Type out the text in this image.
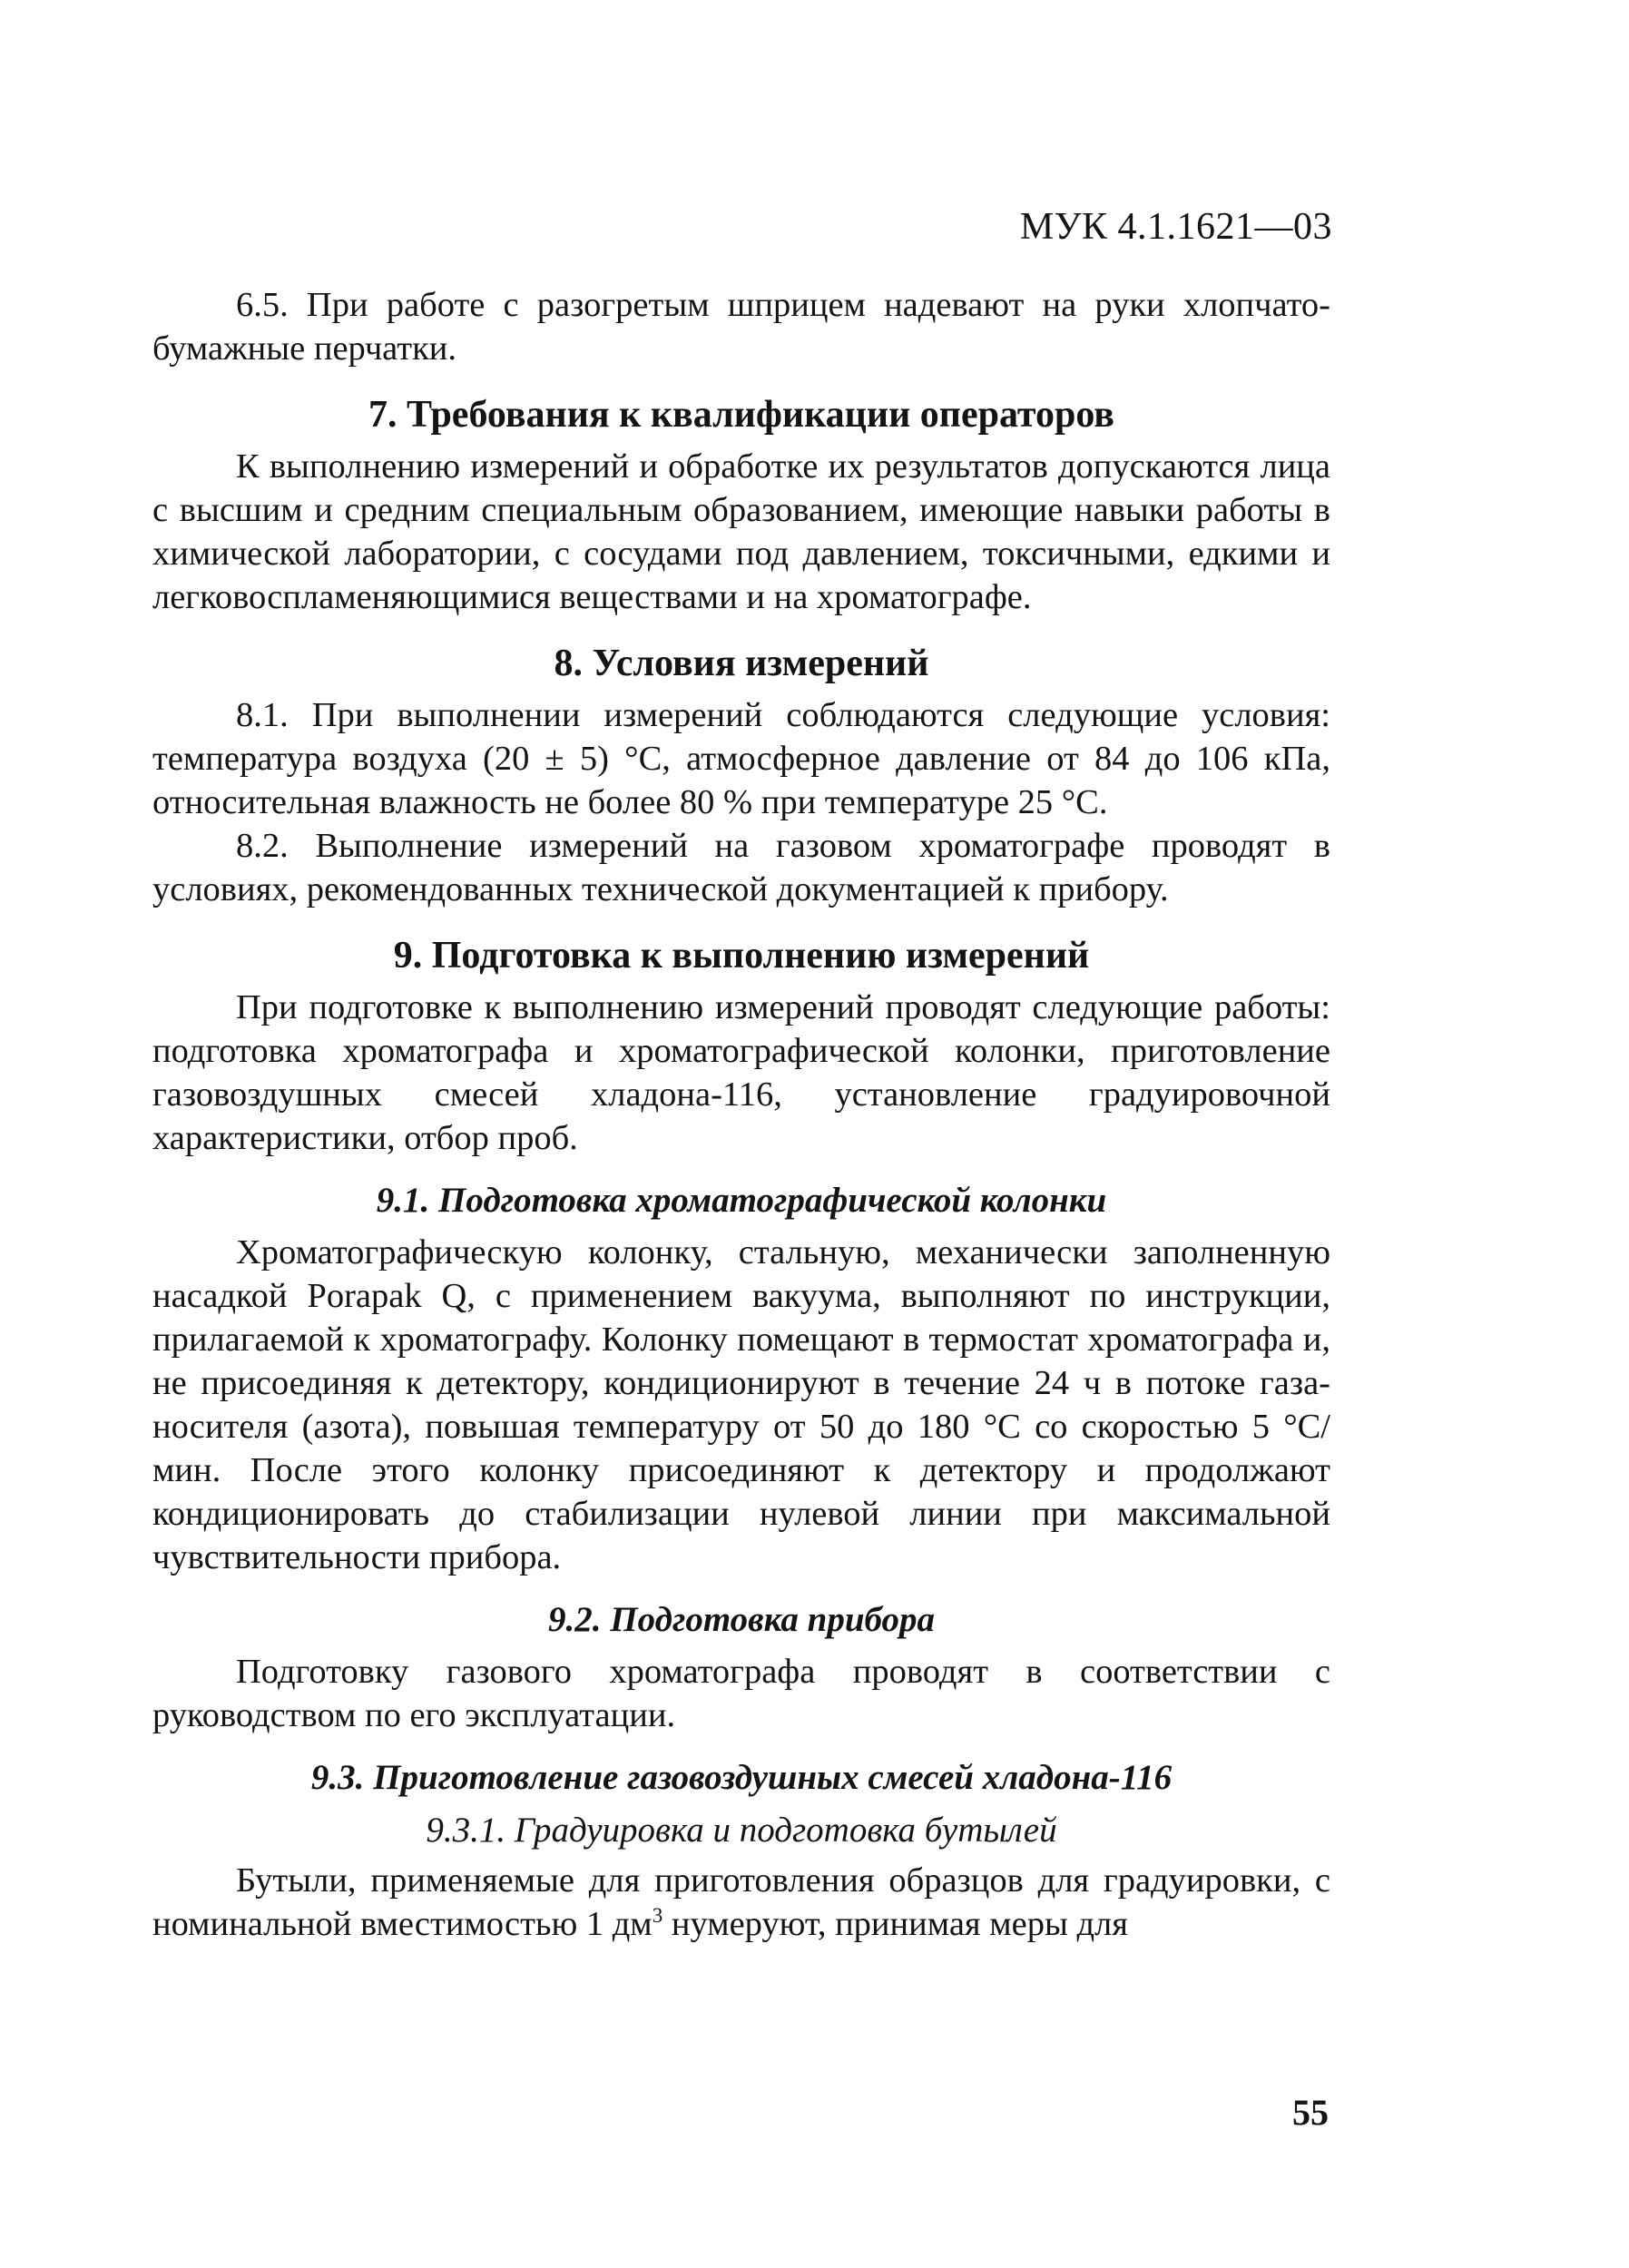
МУК 4.1.1621—03

6.5. При работе с разогретым шприцем надевают на руки хлопчато-бумажные перчатки.

7. Требования к квалификации операторов

К выполнению измерений и обработке их результатов допускаются лица с высшим и средним специальным образованием, имеющие навыки работы в химической лаборатории, с сосудами под давлением, токсичными, едкими и легковоспламеняющимися веществами и на хроматографе.

8. Условия измерений

8.1. При выполнении измерений соблюдаются следующие условия: температура воздуха (20 ± 5) °С, атмосферное давление от 84 до 106 кПа, относительная влажность не более 80 % при температуре 25 °С.

8.2. Выполнение измерений на газовом хроматографе проводят в условиях, рекомендованных технической документацией к прибору.

9. Подготовка к выполнению измерений

При подготовке к выполнению измерений проводят следующие работы: подготовка хроматографа и хроматографической колонки, приготовление газовоздушных смесей хладона-116, установление градуировочной характеристики, отбор проб.

9.1. Подготовка хроматографической колонки

Хроматографическую колонку, стальную, механически заполненную насадкой Porapak Q, с применением вакуума, выполняют по инструкции, прилагаемой к хроматографу. Колонку помещают в термостат хроматографа и, не присоединяя к детектору, кондиционируют в течение 24 ч в потоке газа-носителя (азота), повышая температуру от 50 до 180 °С со скоростью 5 °С/мин. После этого колонку присоединяют к детектору и продолжают кондиционировать до стабилизации нулевой линии при максимальной чувствительности прибора.

9.2. Подготовка прибора

Подготовку газового хроматографа проводят в соответствии с руководством по его эксплуатации.

9.3. Приготовление газовоздушных смесей хладона-116
9.3.1. Градуировка и подготовка бутылей

Бутыли, применяемые для приготовления образцов для градуировки, с номинальной вместимостью 1 $дм^3$ нумеруют, принимая меры для

55
